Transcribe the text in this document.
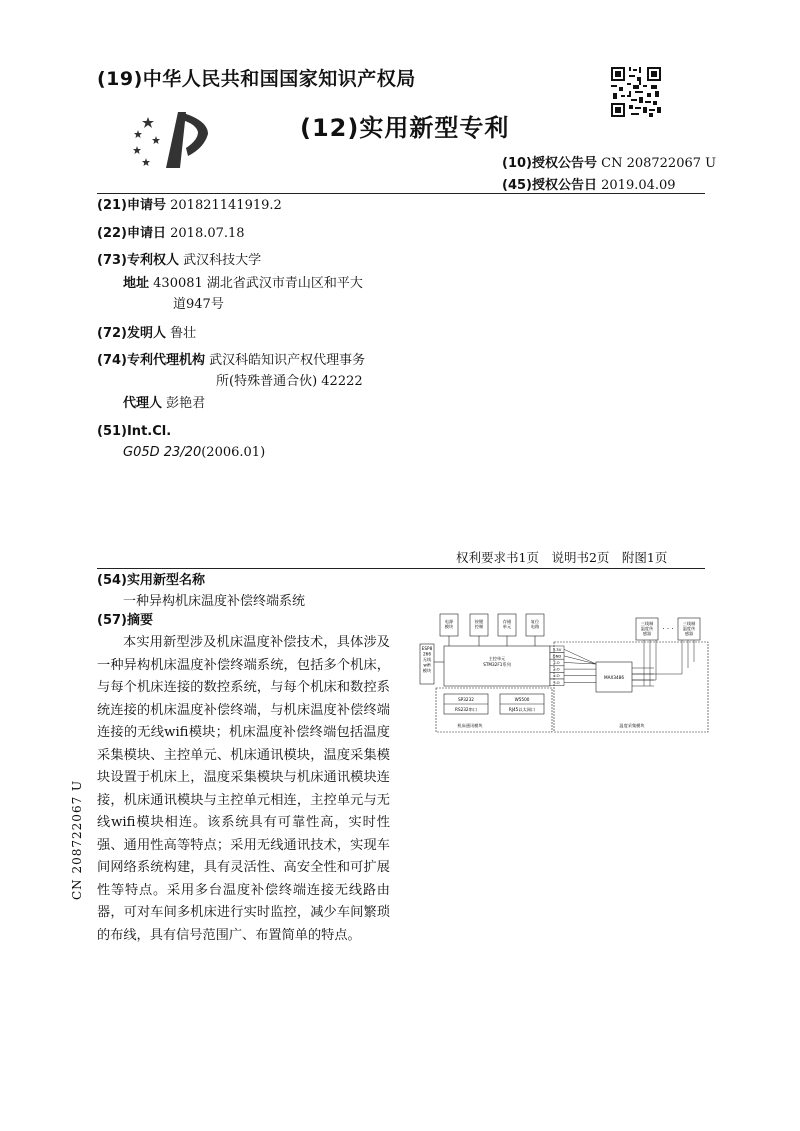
(19)中华人民共和国国家知识产权局
(12)实用新型专利
(10)授权公告号 CN 208722067 U
(45)授权公告日 2019.04.09
(21)申请号 201821141919.2
(22)申请日 2018.07.18
(73)专利权人 武汉科技大学
地址 430081 湖北省武汉市青山区和平大
道947号
(72)发明人 鲁壮
(74)专利代理机构 武汉科皓知识产权代理事务
所(特殊普通合伙) 42222
代理人 彭艳君
(51)Int.Cl.
G05D 23/20(2006.01)
权利要求书1页　说明书2页　附图1页
(54)实用新型名称
一种异构机床温度补偿终端系统
(57)摘要
本实用新型涉及机床温度补偿技术，具体涉及一种异构机床温度补偿终端系统，包括多个机床，与每个机床连接的数控系统，与每个机床和数控系统连接的机床温度补偿终端，与机床温度补偿终端连接的无线wifi模块；机床温度补偿终端包括温度采集模块、主控单元、机床通讯模块，温度采集模块设置于机床上，温度采集模块与机床通讯模块连接，机床通讯模块与主控单元相连，主控单元与无线wifi模块相连。该系统具有可靠性高，实时性强、通用性高等特点；采用无线通讯技术，实现车间网络系统构建，具有灵活性、高安全性和可扩展性等特点。采用多台温度补偿终端连接无线路由器，可对车间多机床进行实时监控，减少车间繁琐的布线，具有信号范围广、布置简单的特点。
电源模块
按键控制
存储单元
复位电路
ESP8 266 无线 wifi 模块
主控单元 STM32F1系列
SP3232
RS232串口
W5500
RJ45以太网口
机床通讯模块
3.3V
GND
I.O
I.O
I.O
I.O
MAX3486
三线制温度传感器
· · ·
三线制温度传感器
温度采集模块
CN 208722067 U
